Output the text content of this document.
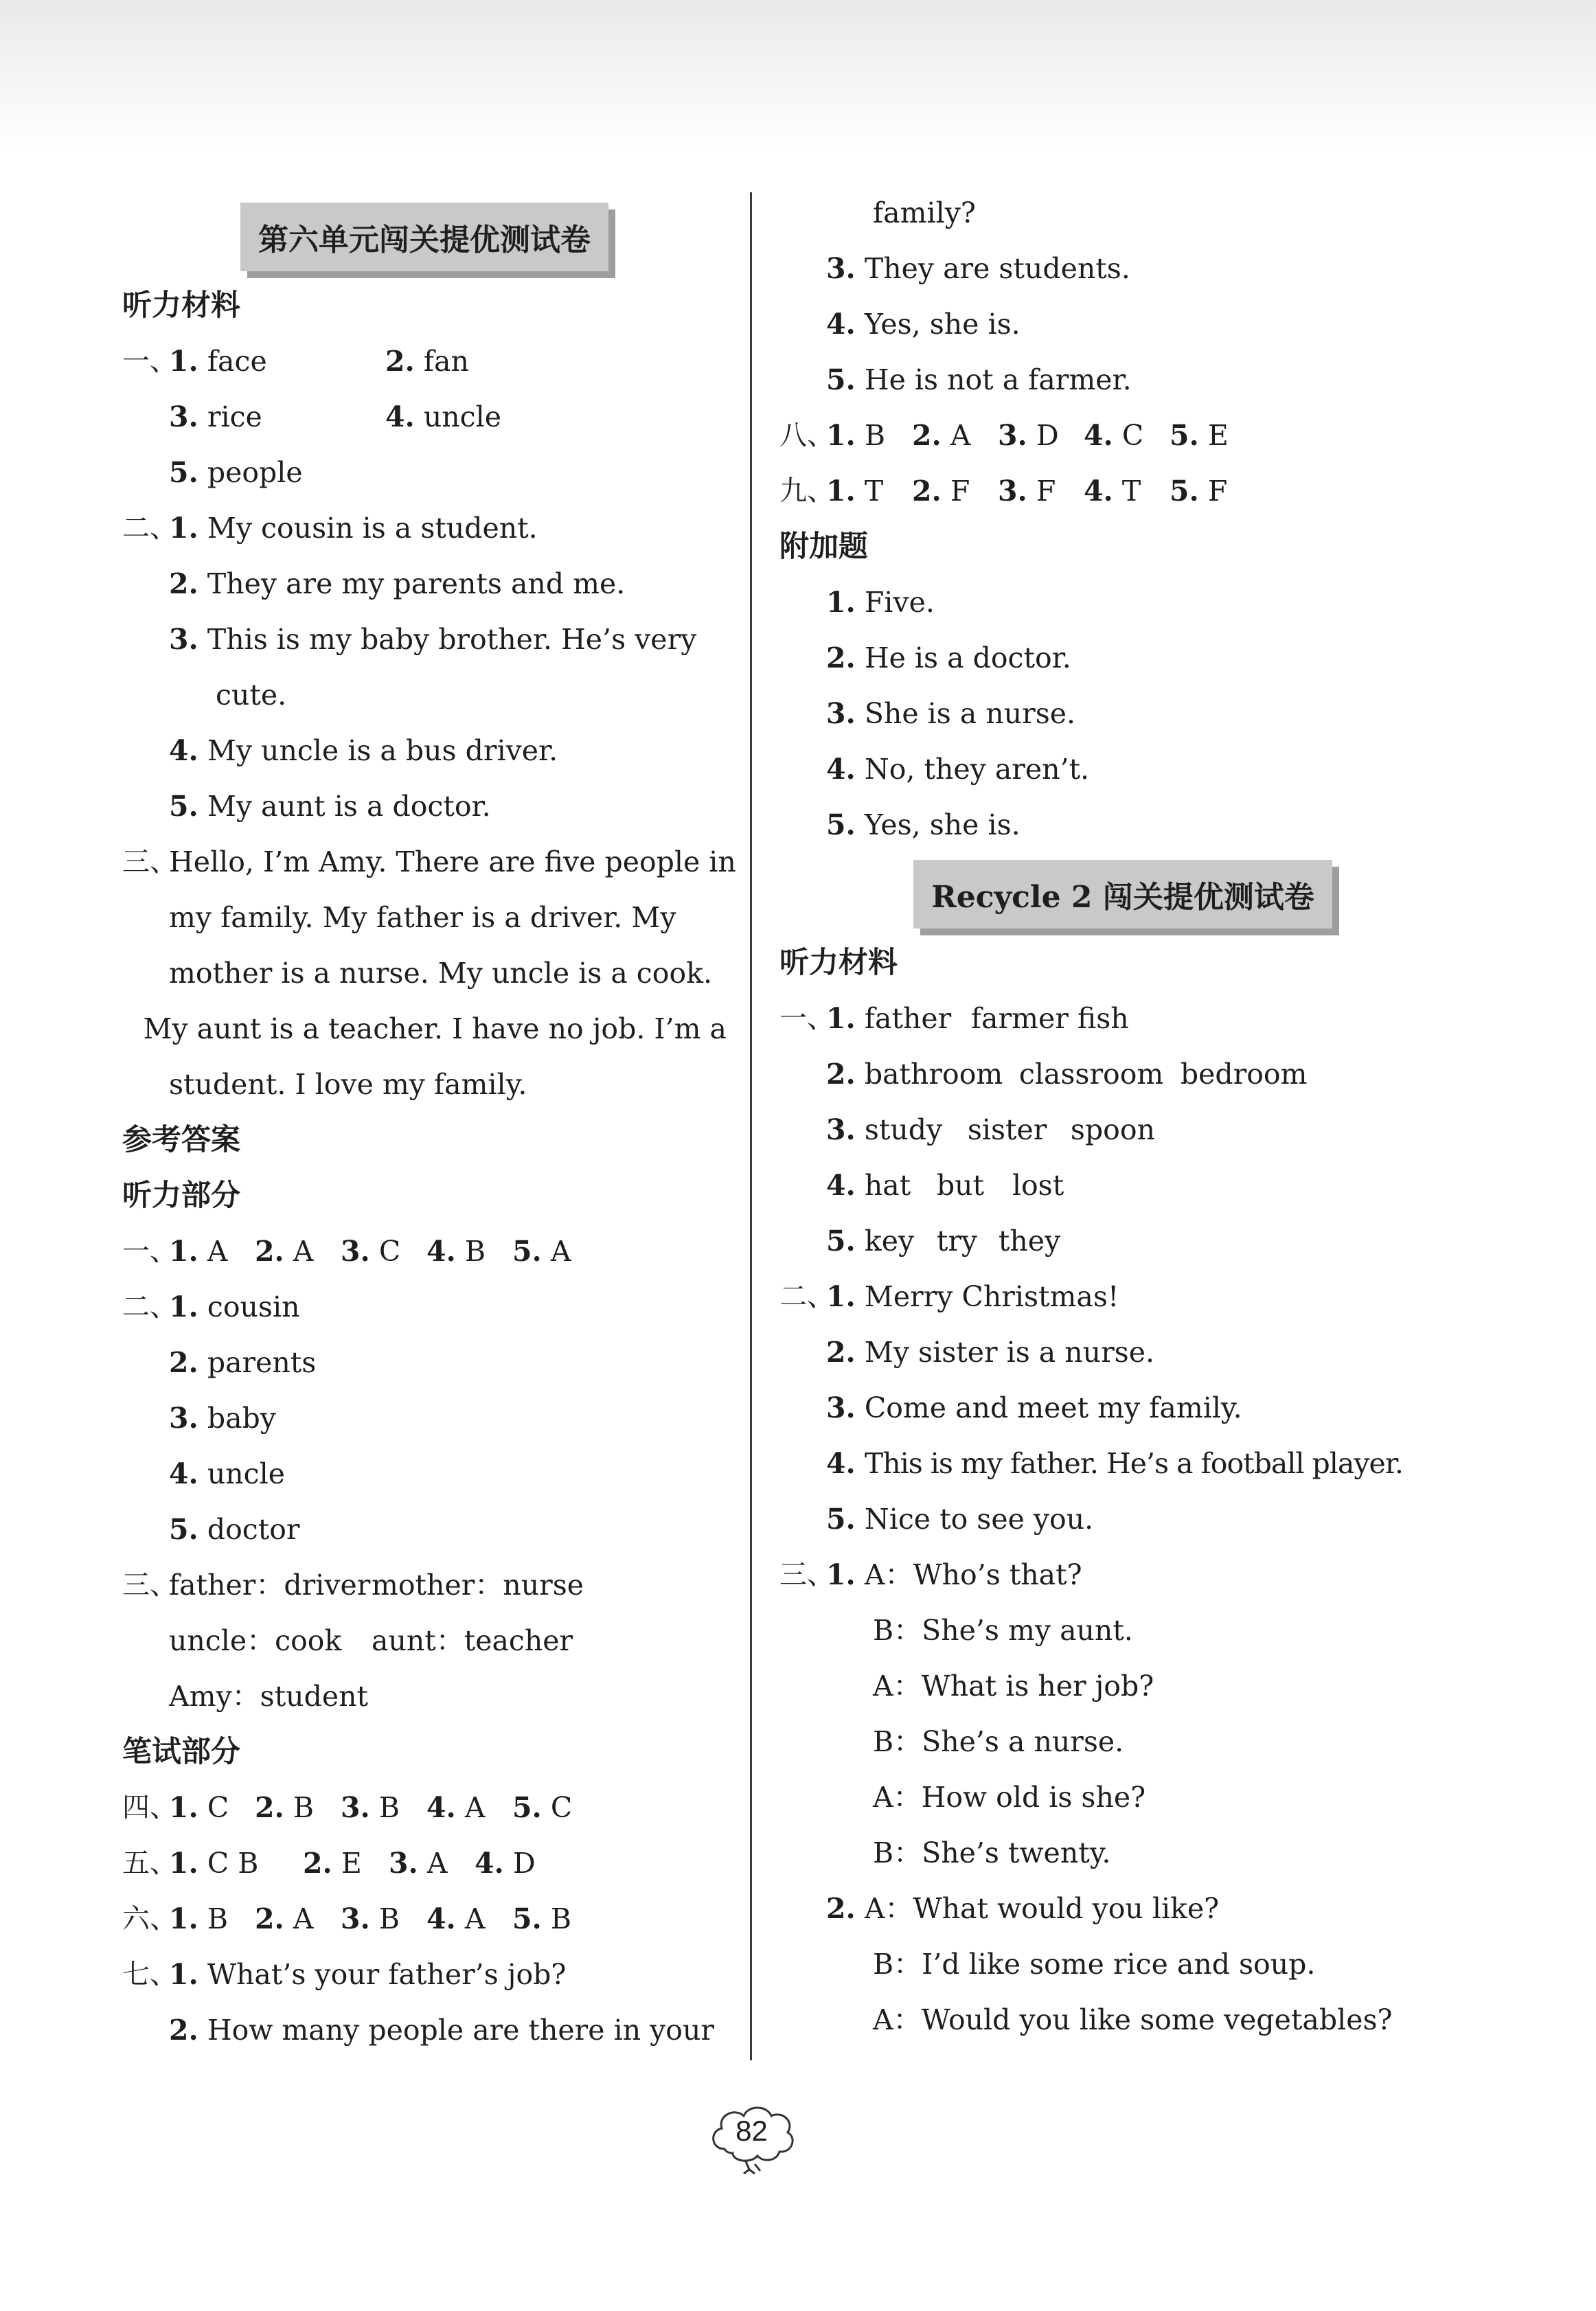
第六单元闯关提优测试卷
听力材料
一、
1. face	2. fan
3. rice	4. uncle
5. people
二、
1.
My cousin is a student.
2.
They are my parents and me.
3.
This is my baby brother. He’s very
cute.
4.
My uncle is a bus driver.
5.
My aunt is a doctor.
三、
Hello, I’m Amy. There are five people in
my family. My father is a driver. My
mother is a nurse. My uncle is a cook.
My aunt is a teacher. I have no job. I’m a
student. I love my family.
参考答案
听力部分
一、
1. A 2. A 3. C 4. B 5. A
二、
1.
cousin
2.
parents
3.
baby
4.
uncle
5.
doctor
三、
father：driver mother：nurse
uncle：cook	aunt：teacher
Amy：student
笔试部分
四、
1. C 2. B 3. B 4. A 5. C
五、
1. C B	2. E 3. A 4. D
六、
1. B 2. A 3. B 4. A 5. B
七、
1.
What’s your father’s job?
2.
How many people are there in your
family?
3.
They are students.
4.
Yes, she is.
5.
He is not a farmer.
八、
1. B 2. A 3. D 4. C 5. E
九、
1. T	2. F 3. F 4. T	5. F
附加题
1.
Five.
2.
He is a doctor.
3.
She is a nurse.
4.
No, they aren’t.
5.
Yes, she is.
Recycle 2 闯关提优测试卷
听力材料
一、
1.
father farmer fish
2.
bathroom classroom bedroom
3.
study sister spoon
4.
hat but lost
5.
key try they
二、
1.
Merry Christmas!
2.
My sister is a nurse.
3.
Come and meet my family.
4.
This is my father. He’s a football player.
5.
Nice to see you.
三、
1.
A：Who’s that?
B：She’s my aunt.
A：What is her job?
B：She’s a nurse.
A：How old is she?
B：She’s twenty.
2.
A：What would you like?
B：I’d like some rice and soup.
A：Would you like some vegetables?
82
